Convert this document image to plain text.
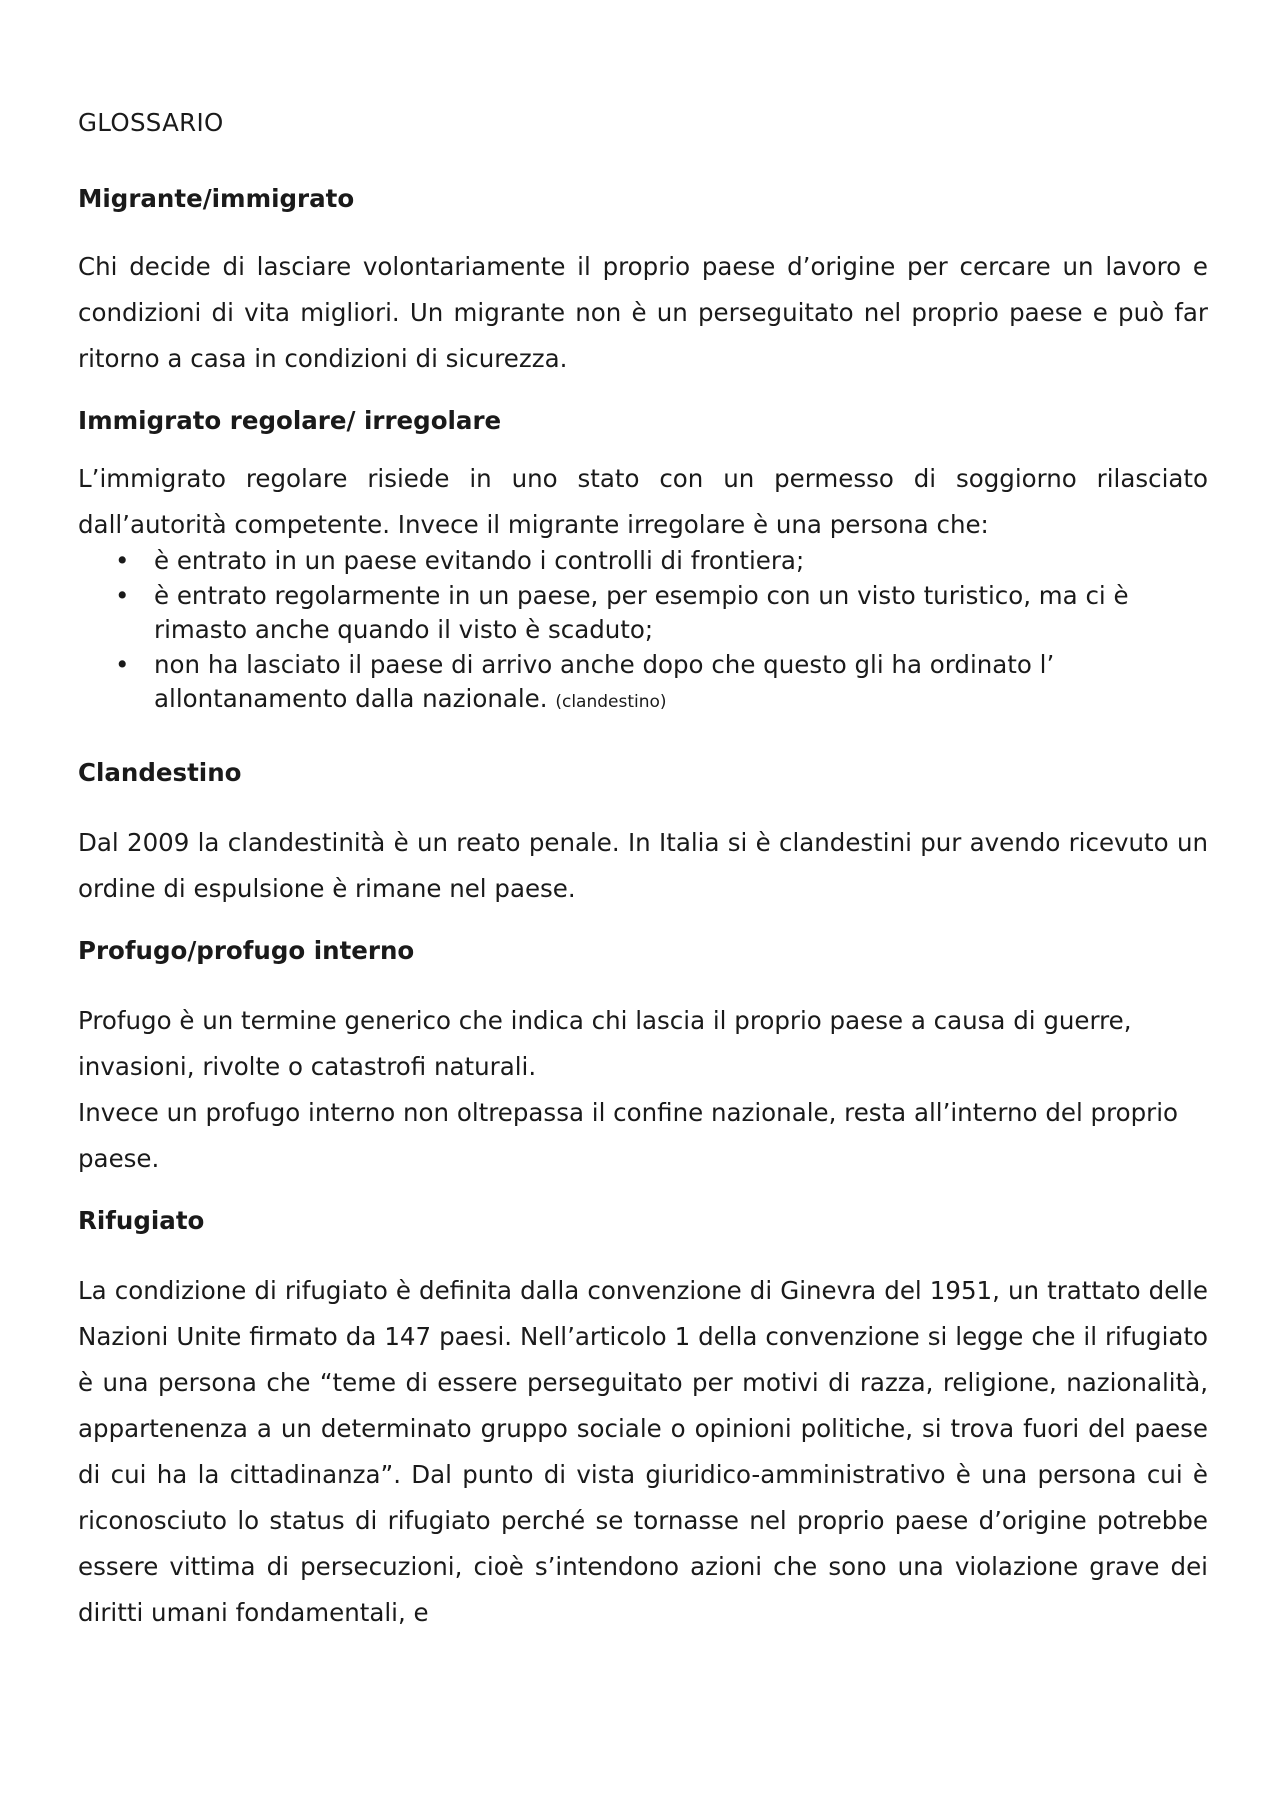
GLOSSARIO
Migrante/immigrato

Chi decide di lasciare volontariamente il proprio paese d’origine per cercare un lavoro e condizioni di vita migliori. Un migrante non è un perseguitato nel proprio paese e può far ritorno a casa in condizioni di sicurezza.

Immigrato regolare/ irregolare

L’immigrato regolare risiede in uno stato con un permesso di soggiorno rilasciato dall’autorità competente. Invece il migrante irregolare è una persona che:

• è entrato in un paese evitando i controlli di frontiera;
• è entrato regolarmente in un paese, per esempio con un visto turistico, ma ci è rimasto anche quando il visto è scaduto;
• non ha lasciato il paese di arrivo anche dopo che questo gli ha ordinato l’ allontanamento dalla nazionale. (clandestino)
Clandestino

Dal 2009 la clandestinità è un reato penale. In Italia si è clandestini pur avendo ricevuto un ordine di espulsione è rimane nel paese.

Profugo/profugo interno

Profugo è un termine generico che indica chi lascia il proprio paese a causa di guerre, invasioni, rivolte o catastrofi naturali.

Invece un profugo interno non oltrepassa il confine nazionale, resta all’interno del proprio paese.

Rifugiato

La condizione di rifugiato è definita dalla convenzione di Ginevra del 1951, un trattato delle Nazioni Unite firmato da 147 paesi. Nell’articolo 1 della convenzione si legge che il rifugiato è una persona che “teme di essere perseguitato per motivi di razza, religione, nazionalità, appartenenza a un determinato gruppo sociale o opinioni politiche, si trova fuori del paese di cui ha la cittadinanza”. Dal punto di vista giuridico-amministrativo è una persona cui è riconosciuto lo status di rifugiato perché se tornasse nel proprio paese d’origine potrebbe essere vittima di persecuzioni, cioè s’intendono azioni che sono una violazione grave dei diritti umani fondamentali, e
